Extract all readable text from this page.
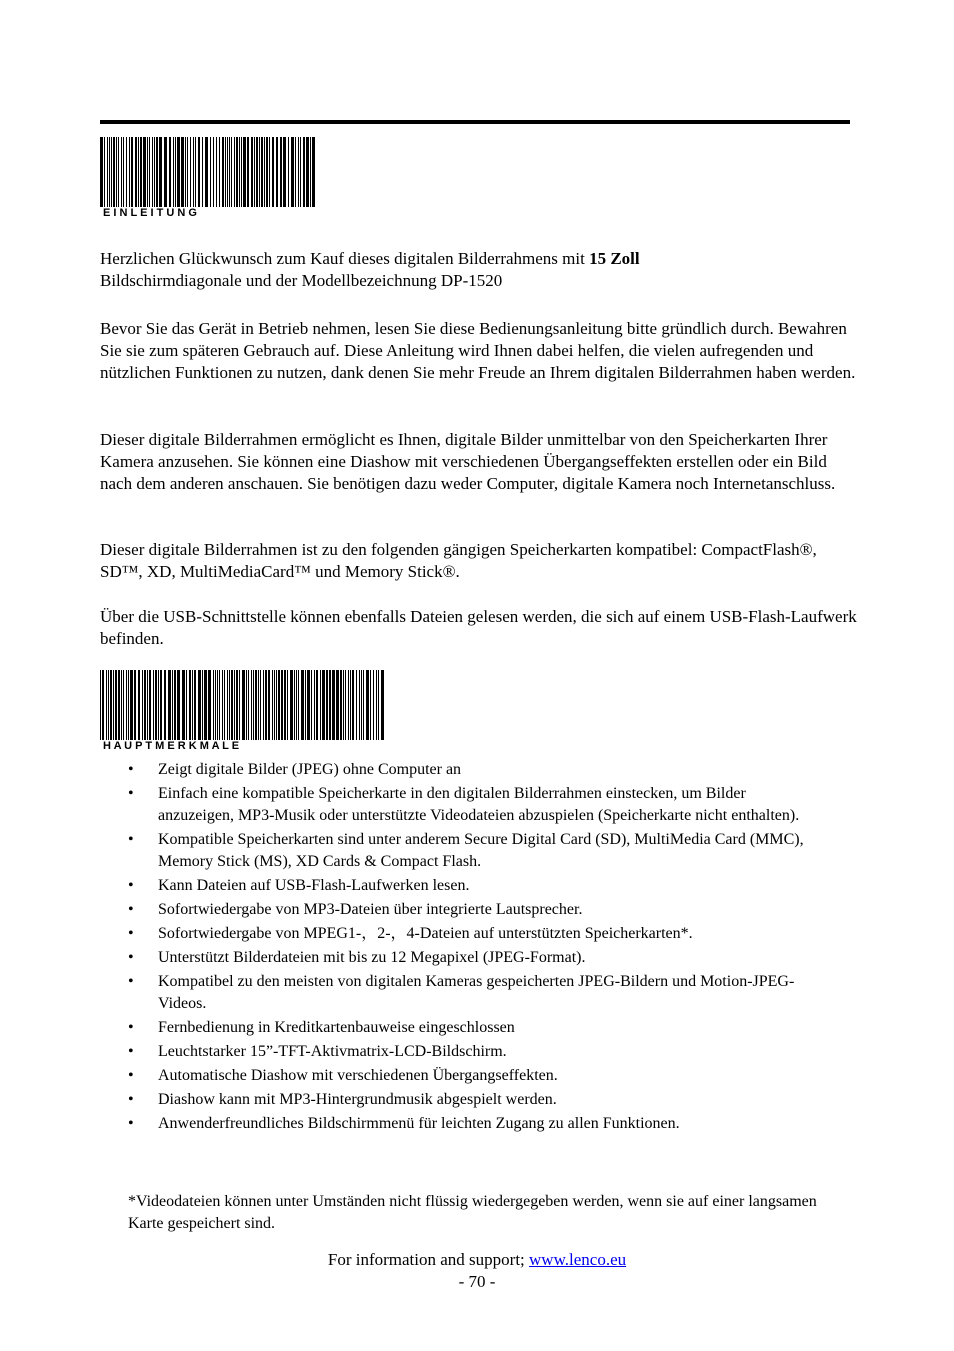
E I N L E I T U N G

Herzlichen Glückwunsch zum Kauf dieses digitalen Bilderrahmens mit 15 Zoll
Bildschirmdiagonale und der Modellbezeichnung DP-1520

Bevor Sie das Gerät in Betrieb nehmen, lesen Sie diese Bedienungsanleitung bitte gründlich durch. Bewahren Sie sie zum späteren Gebrauch auf. Diese Anleitung wird Ihnen dabei helfen, die vielen aufregenden und nützlichen Funktionen zu nutzen, dank denen Sie mehr Freude an Ihrem digitalen Bilderrahmen haben werden.

Dieser digitale Bilderrahmen ermöglicht es Ihnen, digitale Bilder unmittelbar von den Speicherkarten Ihrer Kamera anzusehen. Sie können eine Diashow mit verschiedenen Übergangseffekten erstellen oder ein Bild nach dem anderen anschauen. Sie benötigen dazu weder Computer, digitale Kamera noch Internetanschluss.

Dieser digitale Bilderrahmen ist zu den folgenden gängigen Speicherkarten kompatibel: CompactFlash®, SD™, XD, MultiMediaCard™ und Memory Stick®.

Über die USB-Schnittstelle können ebenfalls Dateien gelesen werden, die sich auf einem USB-Flash-Laufwerk befinden.

H A U P T M E R K M A L E
• Zeigt digitale Bilder (JPEG) ohne Computer an
• Einfach eine kompatible Speicherkarte in den digitalen Bilderrahmen einstecken, um Bilder anzuzeigen, MP3-Musik oder unterstützte Videodateien abzuspielen (Speicherkarte nicht enthalten).
• Kompatible Speicherkarten sind unter anderem Secure Digital Card (SD), MultiMedia Card (MMC), Memory Stick (MS), XD Cards & Compact Flash.
• Kann Dateien auf USB-Flash-Laufwerken lesen.
• Sofortwiedergabe von MP3-Dateien über integrierte Lautsprecher.
• Sofortwiedergabe von MPEG1-，2-，4-Dateien auf unterstützten Speicherkarten*.
• Unterstützt Bilderdateien mit bis zu 12 Megapixel (JPEG-Format).
• Kompatibel zu den meisten von digitalen Kameras gespeicherten JPEG-Bildern und Motion-JPEG-Videos.
• Fernbedienung in Kreditkartenbauweise eingeschlossen
• Leuchtstarker 15”-TFT-Aktivmatrix-LCD-Bildschirm.
• Automatische Diashow mit verschiedenen Übergangseffekten.
• Diashow kann mit MP3-Hintergrundmusik abgespielt werden.
• Anwenderfreundliches Bildschirmmenü für leichten Zugang zu allen Funktionen.

*Videodateien können unter Umständen nicht flüssig wiedergegeben werden, wenn sie auf einer langsamen Karte gespeichert sind.

For information and support; www.lenco.eu
- 70 -
